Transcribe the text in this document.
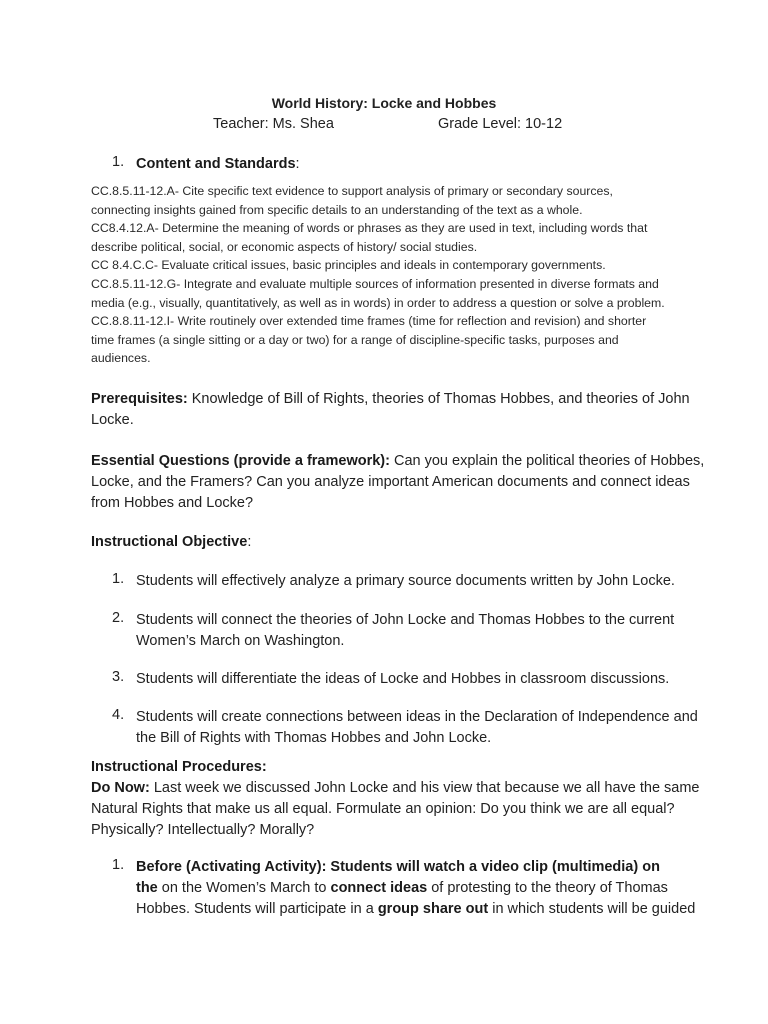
World History: Locke and Hobbes
Teacher: Ms. Shea	Grade Level: 10-12
1. Content and Standards:
CC.8.5.11-12.A- Cite specific text evidence to support analysis of primary or secondary sources,
connecting insights gained from specific details to an understanding of the text as a whole.
CC8.4.12.A- Determine the meaning of words or phrases as they are used in text, including words that
describe political, social, or economic aspects of history/ social studies.
CC 8.4.C.C- Evaluate critical issues, basic principles and ideals in contemporary governments.
CC.8.5.11-12.G- Integrate and evaluate multiple sources of information presented in diverse formats and
media (e.g., visually, quantitatively, as well as in words) in order to address a question or solve a problem.
CC.8.8.11-12.I- Write routinely over extended time frames (time for reflection and revision) and shorter
time frames (a single sitting or a day or two) for a range of discipline-specific tasks, purposes and
audiences.
Prerequisites: Knowledge of Bill of Rights, theories of Thomas Hobbes, and theories of John
Locke.
Essential Questions (provide a framework): Can you explain the political theories of Hobbes,
Locke, and the Framers? Can you analyze important American documents and connect ideas
from Hobbes and Locke?
Instructional Objective:
1. Students will effectively analyze a primary source documents written by John Locke.
2. Students will connect the theories of John Locke and Thomas Hobbes to the current
Women’s March on Washington.
3. Students will differentiate the ideas of Locke and Hobbes in classroom discussions.
4. Students will create connections between ideas in the Declaration of Independence and
the Bill of Rights with Thomas Hobbes and John Locke.
Instructional Procedures:
Do Now: Last week we discussed John Locke and his view that because we all have the same
Natural Rights that make us all equal. Formulate an opinion: Do you think we are all equal?
Physically? Intellectually? Morally?
1. Before (Activating Activity): Students will watch a video clip (multimedia) on
the on the Women’s March to connect ideas of protesting to the theory of Thomas
Hobbes. Students will participate in a group share out in which students will be guided
